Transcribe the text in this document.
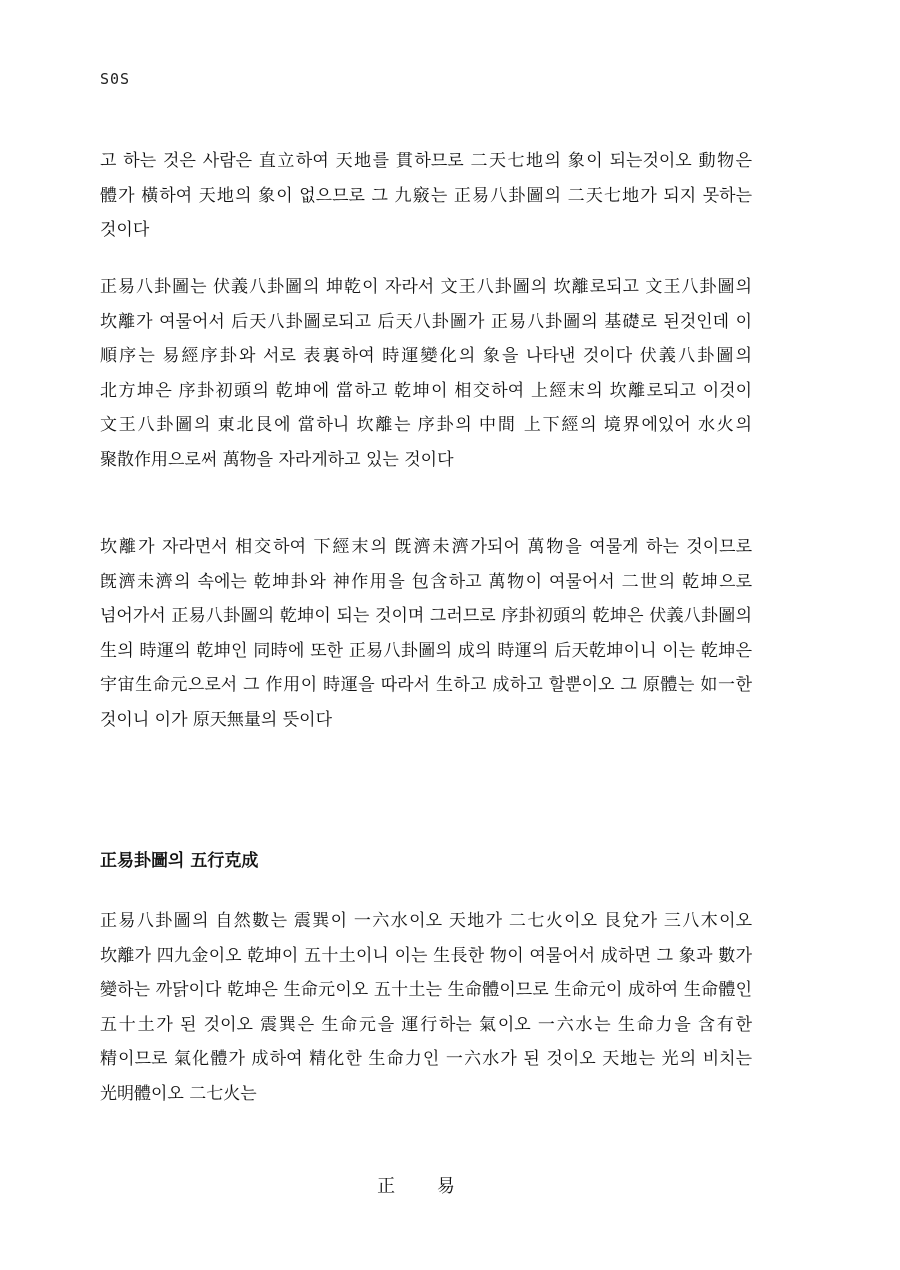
S0S

고 하는 것은 사람은 直立하여 天地를 貫하므로 二天七地의 象이 되는것이오 動物은 體가 橫하여 天地의 象이 없으므로 그 九竅는 正易八卦圖의 二天七地가 되지 못하는 것이다

正易八卦圖는 伏義八卦圖의 坤乾이 자라서 文王八卦圖의 坎離로되고 文王八卦圖의 坎離가 여물어서 后天八卦圖로되고 后天八卦圖가 正易八卦圖의 基礎로 된것인데 이 順序는 易經序卦와 서로 表裏하여 時運變化의 象을 나타낸 것이다 伏義八卦圖의 北方坤은 序卦初頭의 乾坤에 當하고 乾坤이 相交하여 上經末의 坎離로되고 이것이 文王八卦圖의 東北艮에 當하니 坎離는 序卦의 中間 上下經의 境界에있어 水火의 聚散作用으로써 萬物을 자라게하고 있는 것이다

坎離가 자라면서 相交하여 下經末의 旣濟未濟가되어 萬物을 여물게 하는 것이므로 旣濟未濟의 속에는 乾坤卦와 神作用을 包含하고 萬物이 여물어서 二世의 乾坤으로 넘어가서 正易八卦圖의 乾坤이 되는 것이며 그러므로 序卦初頭의 乾坤은 伏義八卦圖의 生의 時運의 乾坤인 同時에 또한 正易八卦圖의 成의 時運의 后天乾坤이니 이는 乾坤은 宇宙生命元으로서 그 作用이 時運을 따라서 生하고 成하고 할뿐이오 그 原體는 如一한 것이니 이가 原天無量의 뜻이다

正易卦圖의 五行克成

正易八卦圖의 自然數는 震巽이 一六水이오 天地가 二七火이오 艮兌가 三八木이오 坎離가 四九金이오 乾坤이 五十土이니 이는 生長한 物이 여물어서 成하면 그 象과 數가 變하는 까닭이다 乾坤은 生命元이오 五十土는 生命體이므로 生命元이 成하여 生命體인 五十土가 된 것이오 震巽은 生命元을 運行하는 氣이오 一六水는 生命力을 含有한 精이므로 氣化體가 成하여 精化한 生命力인 一六水가 된 것이오 天地는 光의 비치는 光明體이오 二七火는

正 易
